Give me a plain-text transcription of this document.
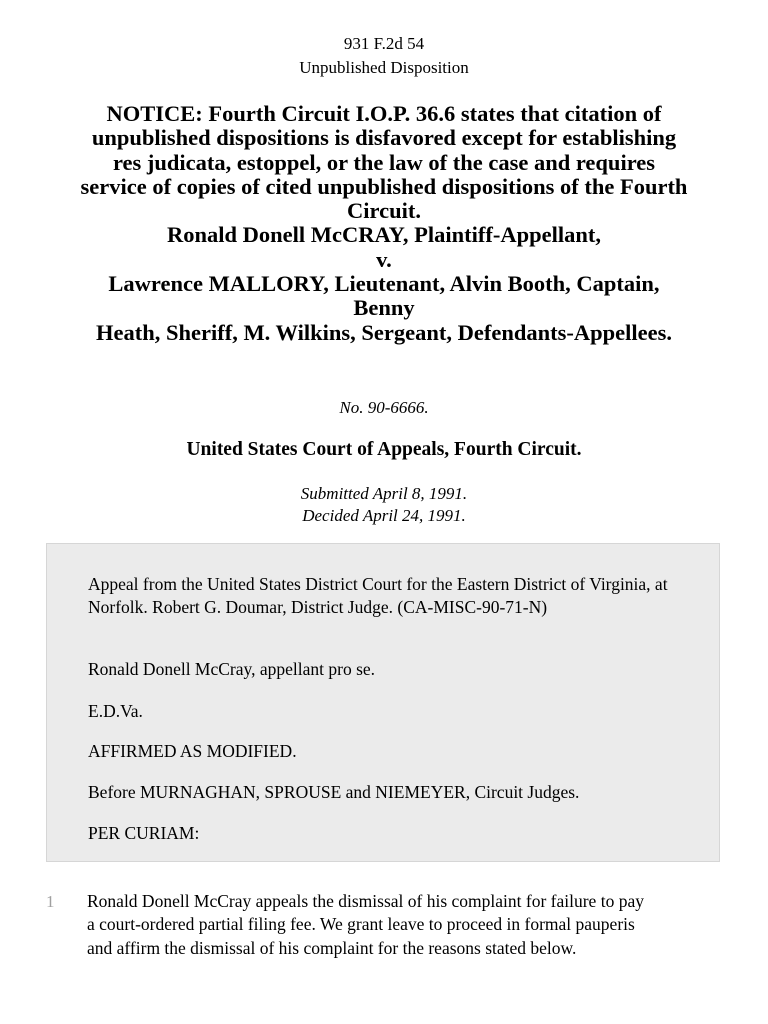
931 F.2d 54
Unpublished Disposition
NOTICE: Fourth Circuit I.O.P. 36.6 states that citation of
unpublished dispositions is disfavored except for establishing
res judicata, estoppel, or the law of the case and requires
service of copies of cited unpublished dispositions of the Fourth
Circuit.
Ronald Donell McCRAY, Plaintiff-Appellant,
v.
Lawrence MALLORY, Lieutenant, Alvin Booth, Captain,
Benny
Heath, Sheriff, M. Wilkins, Sergeant, Defendants-Appellees.
No. 90-6666.
United States Court of Appeals, Fourth Circuit.
Submitted April 8, 1991.
Decided April 24, 1991.
Appeal from the United States District Court for the Eastern District of Virginia, at Norfolk. Robert G. Doumar, District Judge. (CA-MISC-90-71-N)
Ronald Donell McCray, appellant pro se.
E.D.Va.
AFFIRMED AS MODIFIED.
Before MURNAGHAN, SPROUSE and NIEMEYER, Circuit Judges.
PER CURIAM:
1 Ronald Donell McCray appeals the dismissal of his complaint for failure to pay
a court-ordered partial filing fee. We grant leave to proceed in formal pauperis
and affirm the dismissal of his complaint for the reasons stated below.
